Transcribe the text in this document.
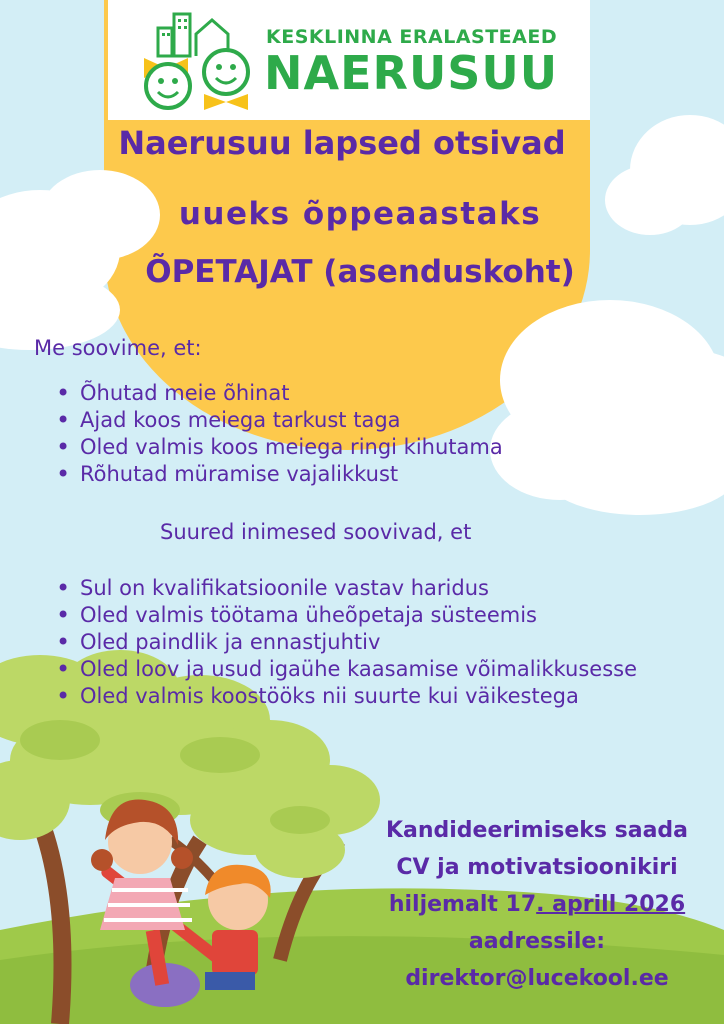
KESKLINNA ERALASTEAED
NAERUSUU
Naerusuu lapsed otsivad
uueks õppeaastaks
ÕPETAJAT (asenduskoht)
Me soovime, et:
• Õhutad meie õhinat
• Ajad koos meiega tarkust taga
• Oled valmis koos meiega ringi kihutama
• Rõhutad müramise vajalikkust
Suured inimesed soovivad, et
• Sul on kvalifikatsioonile vastav haridus
• Oled valmis töötama üheõpetaja süsteemis
• Oled paindlik ja ennastjuhtiv
• Oled loov ja usud igaühe kaasamise võimalikkusesse
• Oled valmis koostööks nii suurte kui väikestega
Kandideerimiseks saada
CV ja motivatsioonikiri
hiljemalt 17. aprill 2026
aadressile:
direktor@lucekool.ee
